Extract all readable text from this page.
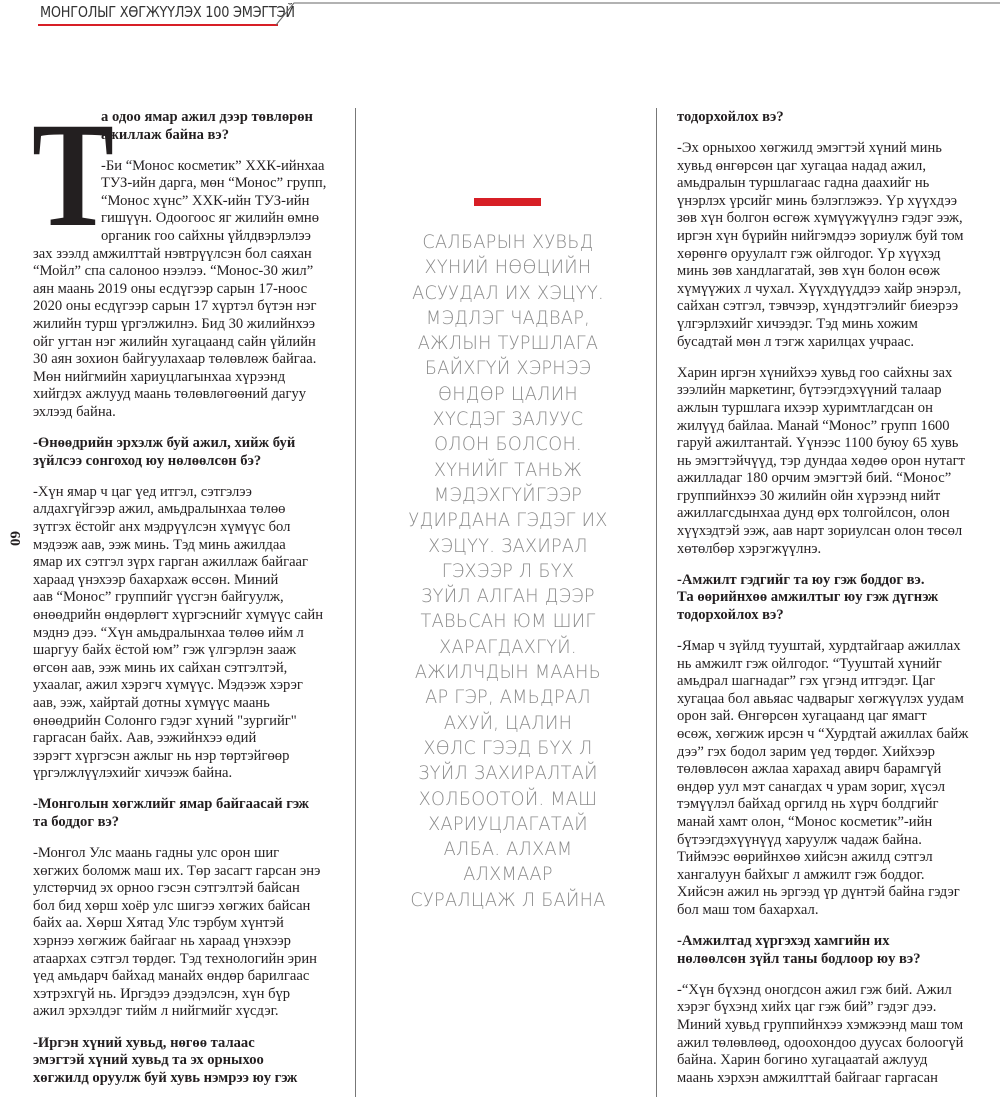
МОНГОЛЫГ ХӨГЖҮҮЛЭХ 100 ЭМЭГТЭЙ
60
Т
а одоо ямар ажил дээр төвлөрөн
ажиллаж байна вэ?
-Би “Монос косметик” ХХК-ийнхаа
ТУЗ-ийн дарга, мөн “Монос” групп,
“Монос хүнс” ХХК-ийн ТУЗ-ийн
гишүүн. Одоогоос яг жилийн өмнө
органик гоо сайхны үйлдвэрлэлээ
зах зээлд амжилттай нэвтрүүлсэн бол саяхан
“Мойл” спа салоноо нээлээ. “Монос-30 жил”
аян маань 2019 оны есдүгээр сарын 17-ноос
2020 оны есдүгээр сарын 17 хүртэл бүтэн нэг
жилийн турш үргэлжилнэ. Бид 30 жилийнхээ
ойг угтан нэг жилийн хугацаанд сайн үйлийн
30 аян зохион байгуулахаар төлөвлөж байгаа.
Мөн нийгмийн хариуцлагынхаа хүрээнд
хийгдэх ажлууд маань төлөвлөгөөний дагуу
эхлээд байна.
-Өнөөдрийн эрхэлж буй ажил, хийж буй
зүйлсээ сонгоход юу нөлөөлсөн бэ?
-Хүн ямар ч цаг үед итгэл, сэтгэлээ
алдахгүйгээр ажил, амьдралынхаа төлөө
зүтгэх ёстойг анх мэдрүүлсэн хүмүүс бол
мэдээж аав, ээж минь. Тэд минь ажилдаа
ямар их сэтгэл зүрх гарган ажиллаж байгааг
хараад үнэхээр бахархаж өссөн. Миний
аав “Монос” группийг үүсгэн байгуулж,
өнөөдрийн өндөрлөгт хүргэснийг хүмүүс сайн
мэднэ дээ. “Хүн амьдралынхаа төлөө ийм л
шаргуу байх ёстой юм” гэж үлгэрлэн зааж
өгсөн аав, ээж минь их сайхан сэтгэлтэй,
ухаалаг, ажил хэрэгч хүмүүс. Мэдээж хэрэг
аав, ээж, хайртай дотны хүмүүс маань
өнөөдрийн Солонго гэдэг хүний "зургийг"
гаргасан байх. Аав, ээжийнхээ өдий
зэрэгт хүргэсэн ажлыг нь нэр төртэйгөөр
үргэлжлүүлэхийг хичээж байна.
-Монголын хөгжлийг ямар байгаасай гэж
та боддог вэ?
-Монгол Улс маань гадны улс орон шиг
хөгжих боломж маш их. Төр засагт гарсан энэ
улстөрчид эх орноо гэсэн сэтгэлтэй байсан
бол бид хөрш хоёр улс шигээ хөгжих байсан
байх аа. Хөрш Хятад Улс тэрбум хүнтэй
хэрнээ хөгжиж байгааг нь хараад үнэхээр
атаархах сэтгэл төрдөг. Тэд технологийн эрин
үед амьдарч байхад манайх өндөр барилгаас
хэтрэхгүй нь. Иргэдээ дээдэлсэн, хүн бүр
ажил эрхэлдэг тийм л нийгмийг хүсдэг.
-Иргэн хүний хувьд, нөгөө талаас
эмэгтэй хүний хувьд та эх орныхоо
хөгжилд оруулж буй хувь нэмрээ юу гэж
САЛБАРЫН ХУВЬД
ХҮНИЙ НӨӨЦИЙН
АСУУДАЛ ИХ ХЭЦҮҮ.
МЭДЛЭГ ЧАДВАР,
АЖЛЫН ТУРШЛАГА
БАЙХГҮЙ ХЭРНЭЭ
ӨНДӨР ЦАЛИН
ХҮСДЭГ ЗАЛУУС
ОЛОН БОЛСОН.
ХҮНИЙГ ТАНЬЖ
МЭДЭХГҮЙГЭЭР
УДИРДАНА ГЭДЭГ ИХ
ХЭЦҮҮ. ЗАХИРАЛ
ГЭХЭЭР Л БҮХ
ЗҮЙЛ АЛГАН ДЭЭР
ТАВЬСАН ЮМ ШИГ
ХАРАГДАХГҮЙ.
АЖИЛЧДЫН МААНЬ
АР ГЭР, АМЬДРАЛ
АХУЙ, ЦАЛИН
ХӨЛС ГЭЭД БҮХ Л
ЗҮЙЛ ЗАХИРАЛТАЙ
ХОЛБООТОЙ. МАШ
ХАРИУЦЛАГАТАЙ
АЛБА. АЛХАМ
АЛХМААР
СУРАЛЦАЖ Л БАЙНА
тодорхойлох вэ?
-Эх орныхоо хөгжилд эмэгтэй хүний минь
хувьд өнгөрсөн цаг хугацаа надад ажил,
амьдралын туршлагаас гадна даахийг нь
үнэрлэх үрсийг минь бэлэглэжээ. Үр хүүхдээ
зөв хүн болгон өсгөж хүмүүжүүлнэ гэдэг ээж,
иргэн хүн бүрийн нийгэмдээ зориулж буй том
хөрөнгө оруулалт гэж ойлгодог. Үр хүүхэд
минь зөв хандлагатай, зөв хүн болон өсөж
хүмүүжих л чухал. Хүүхдүүддээ хайр энэрэл,
сайхан сэтгэл, тэвчээр, хүндэтгэлийг биеэрээ
үлгэрлэхийг хичээдэг. Тэд минь хожим
бусадтай мөн л тэгж харилцах учраас.
Харин иргэн хүнийхээ хувьд гоо сайхны зах
зээлийн маркетинг, бүтээгдэхүүний талаар
ажлын туршлага ихээр хуримтлагдсан он
жилүүд байлаа. Манай “Монос” групп 1600
гаруй ажилтантай. Үүнээс 1100 буюу 65 хувь
нь эмэгтэйчүүд, тэр дундаа хөдөө орон нутагт
ажилладаг 180 орчим эмэгтэй бий. “Монос”
группийнхээ 30 жилийн ойн хүрээнд нийт
ажиллагсдынхаа дунд өрх толгойлсон, олон
хүүхэдтэй ээж, аав нарт зориулсан олон төсөл
хөтөлбөр хэрэгжүүлнэ.
-Амжилт гэдгийг та юу гэж боддог вэ.
Та өөрийнхөө амжилтыг юу гэж дүгнэж
тодорхойлох вэ?
-Ямар ч зүйлд тууштай, хурдтайгаар ажиллах
нь амжилт гэж ойлгодог. “Тууштай хүнийг
амьдрал шагнадаг” гэх үгэнд итгэдэг. Цаг
хугацаа бол авьяас чадварыг хөгжүүлэх уудам
орон зай. Өнгөрсөн хугацаанд цаг ямагт
өсөж, хөгжиж ирсэн ч “Хурдтай ажиллах байж
дээ” гэх бодол зарим үед төрдөг. Хийхээр
төлөвлөсөн ажлаа харахад авирч барамгүй
өндөр уул мэт санагдах ч урам зориг, хүсэл
тэмүүлэл байхад оргилд нь хүрч болдгийг
манай хамт олон, “Монос косметик”-ийн
бүтээгдэхүүнүүд харуулж чадаж байна.
Тиймээс өөрийнхөө хийсэн ажилд сэтгэл
хангалуун байхыг л амжилт гэж боддог.
Хийсэн ажил нь эргээд үр дүнтэй байна гэдэг
бол маш том бахархал.
-Амжилтад хүргэхэд хамгийн их
нөлөөлсөн зүйл таны бодлоор юу вэ?
-“Хүн бүхэнд оногдсон ажил гэж бий. Ажил
хэрэг бүхэнд хийх цаг гэж бий” гэдэг дээ.
Миний хувьд группийнхээ хэмжээнд маш том
ажил төлөвлөөд, одоохондоо дуусах болоогүй
байна. Харин богино хугацаатай ажлууд
маань хэрхэн амжилттай байгааг гаргасан
